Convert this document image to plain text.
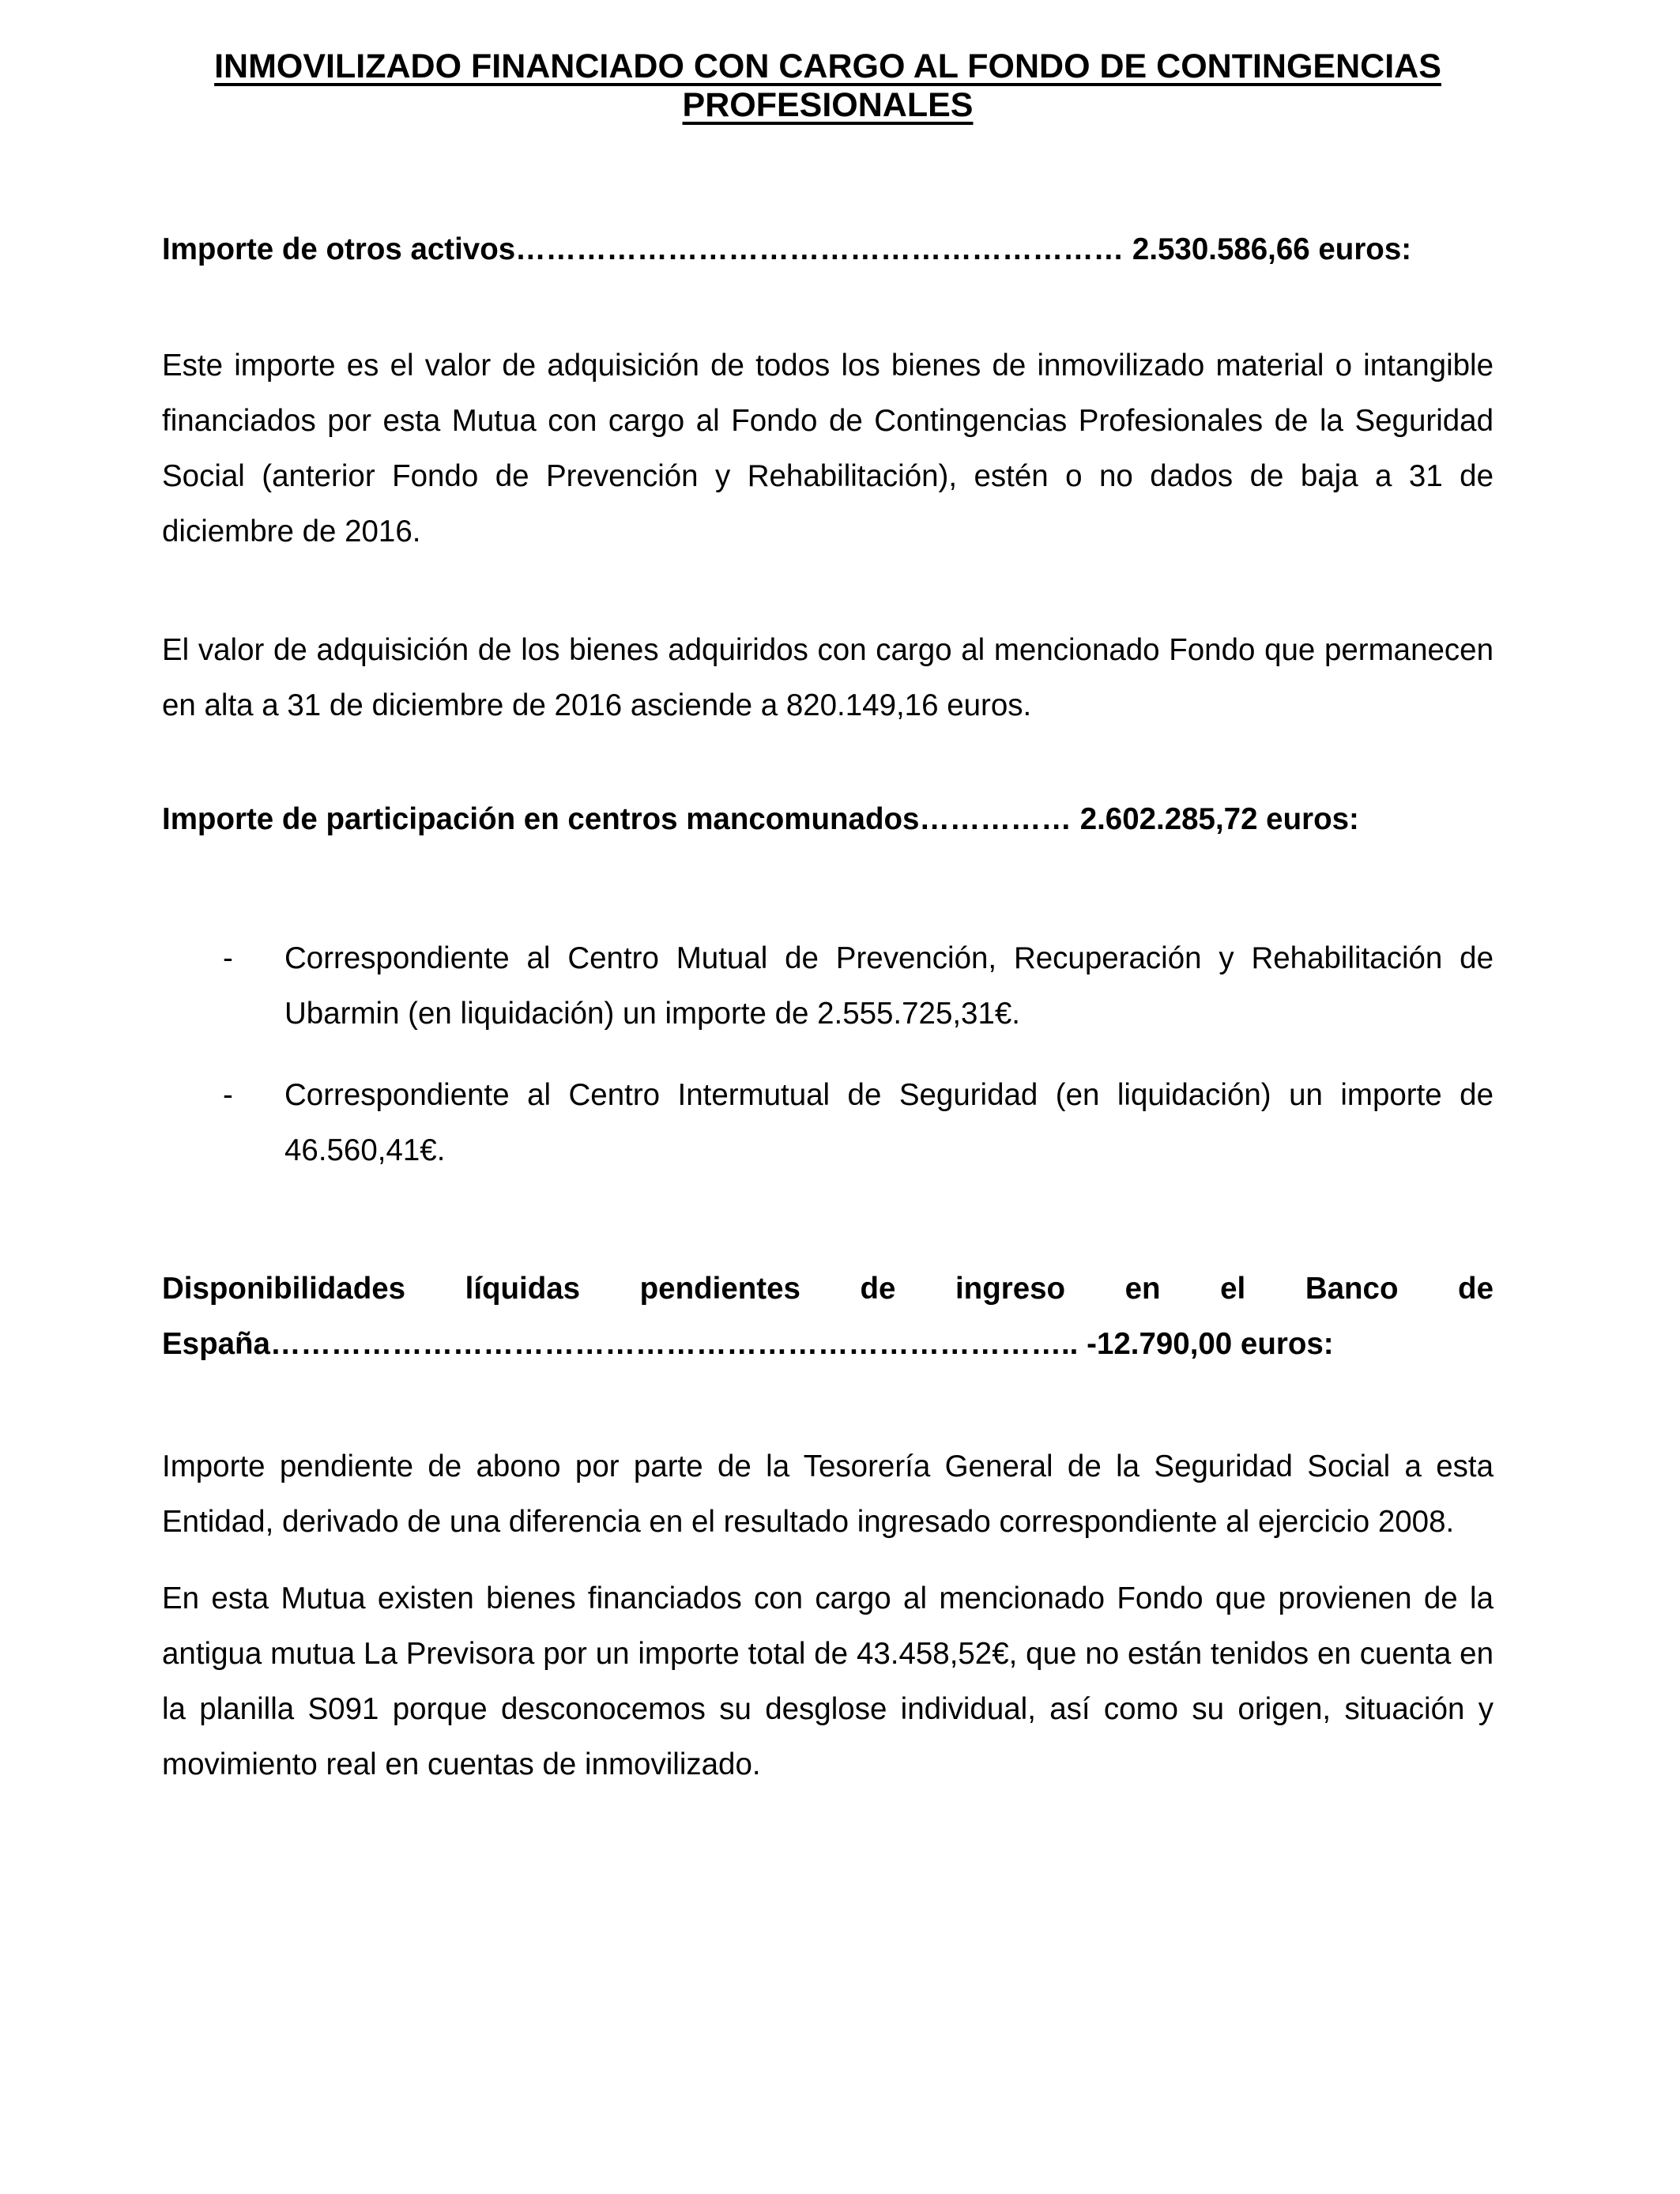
INMOVILIZADO FINANCIADO CON CARGO AL FONDO DE CONTINGENCIAS PROFESIONALES
Importe de otros activos…………………………………………………… 2.530.586,66 euros:

Este importe es el valor de adquisición de todos los bienes de inmovilizado material o intangible financiados por esta Mutua con cargo al Fondo de Contingencias Profesionales de la Seguridad Social (anterior Fondo de Prevención y Rehabilitación), estén o no dados de baja a 31 de diciembre de 2016.

El valor de adquisición de los bienes adquiridos con cargo al mencionado Fondo que permanecen en alta a 31 de diciembre de 2016 asciende a 820.149,16 euros.

Importe de participación en centros mancomunados…………… 2.602.285,72 euros:
-	Correspondiente al Centro Mutual de Prevención, Recuperación y Rehabilitación de Ubarmin (en liquidación) un importe de 2.555.725,31€.
-	Correspondiente al Centro Intermutual de Seguridad (en liquidación) un importe de 46.560,41€.
Disponibilidades líquidas pendientes de ingreso en el Banco de
España…………………………………………………………………….. -12.790,00 euros:

Importe pendiente de abono por parte de la Tesorería General de la Seguridad Social a esta Entidad, derivado de una diferencia en el resultado ingresado correspondiente al ejercicio 2008.

En esta Mutua existen bienes financiados con cargo al mencionado Fondo que provienen de la antigua mutua La Previsora por un importe total de 43.458,52€, que no están tenidos en cuenta en la planilla S091 porque desconocemos su desglose individual, así como su origen, situación y movimiento real en cuentas de inmovilizado.
